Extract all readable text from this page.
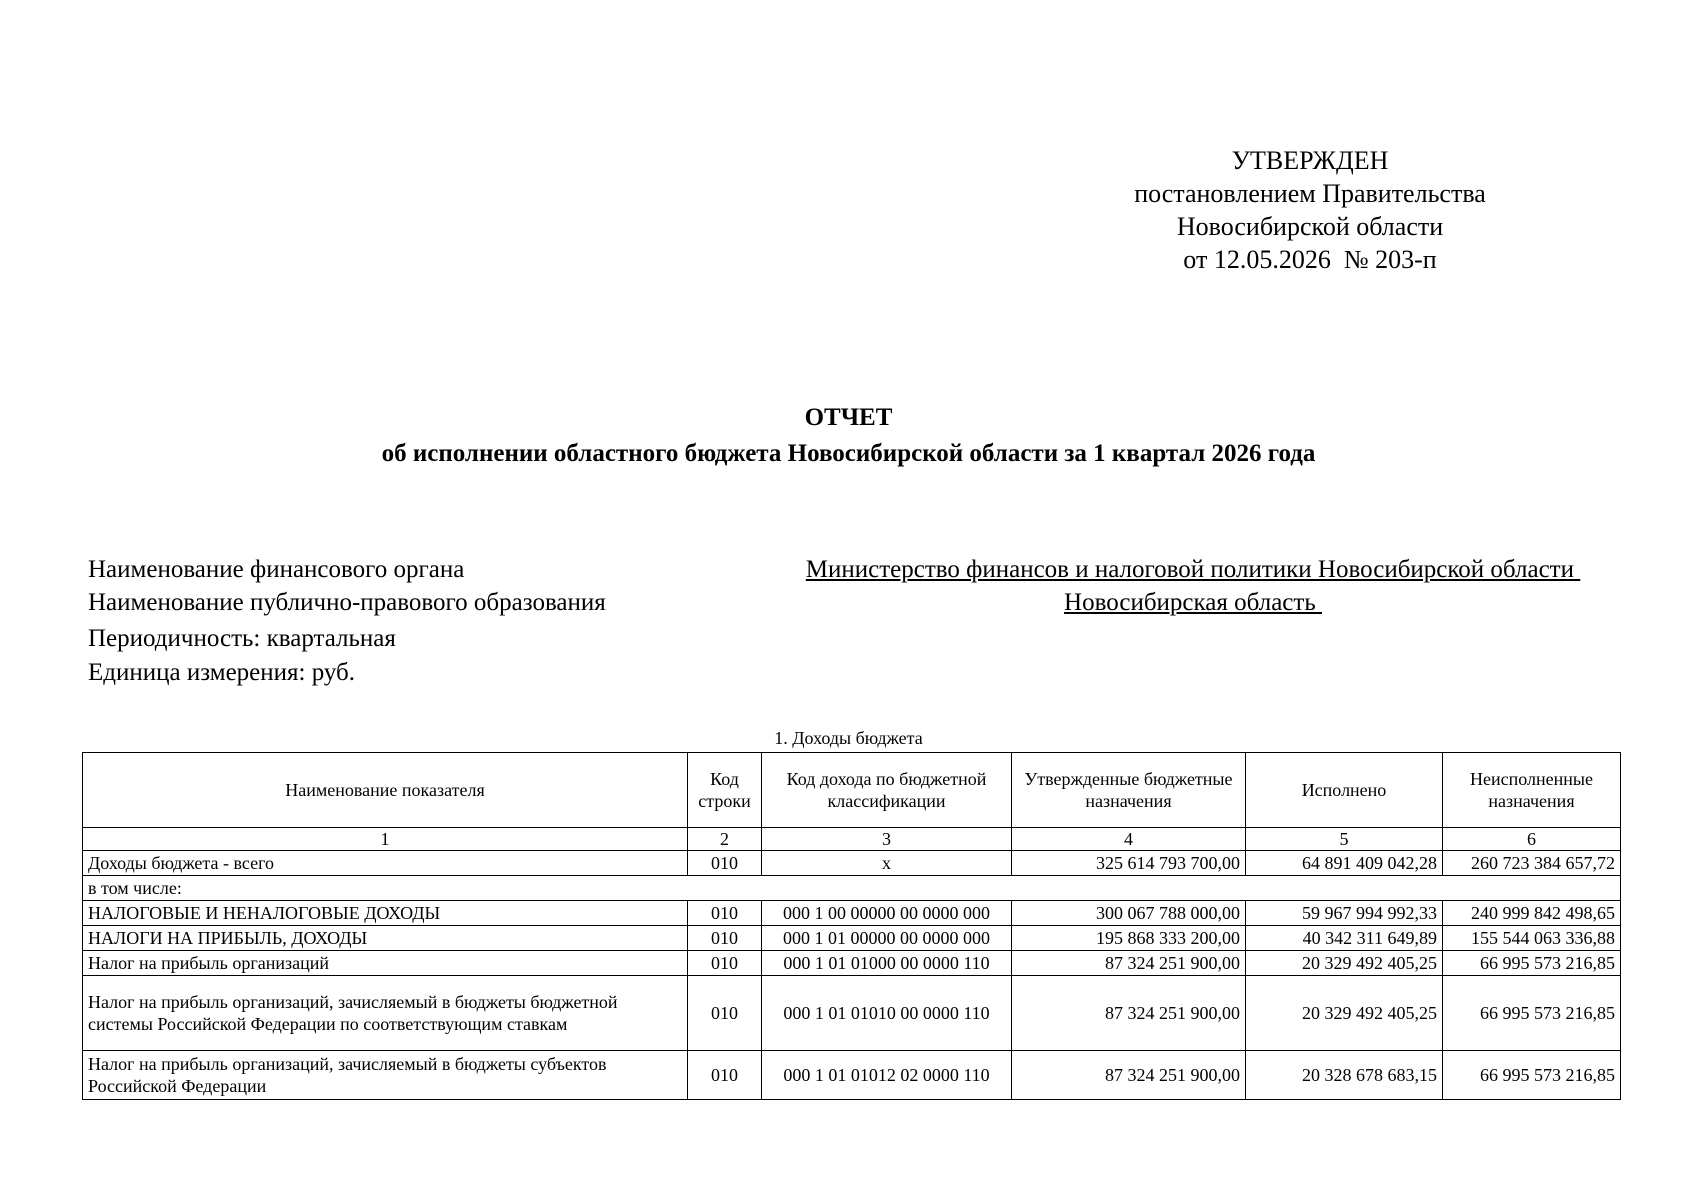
УТВЕРЖДЕН
постановлением Правительства
Новосибирской области
от 12.05.2026  № 203-п
ОТЧЕТ
об исполнении областного бюджета Новосибирской области за 1 квартал 2026 года
Наименование финансового органа	Министерство финансов и налоговой политики Новосибирской области
Наименование публично-правового образования	Новосибирская область
Периодичность: квартальная
Единица измерения: руб.
1. Доходы бюджета
Наименование показателя	Код строки	Код дохода по бюджетной классификации	Утвержденные бюджетные назначения	Исполнено	Неисполненные назначения
1	2	3	4	5	6
Доходы бюджета - всего	010	x	325 614 793 700,00	64 891 409 042,28	260 723 384 657,72
в том числе:					
НАЛОГОВЫЕ И НЕНАЛОГОВЫЕ ДОХОДЫ	010	000 1 00 00000 00 0000 000	300 067 788 000,00	59 967 994 992,33	240 999 842 498,65
НАЛОГИ НА ПРИБЫЛЬ, ДОХОДЫ	010	000 1 01 00000 00 0000 000	195 868 333 200,00	40 342 311 649,89	155 544 063 336,88
Налог на прибыль организаций	010	000 1 01 01000 00 0000 110	87 324 251 900,00	20 329 492 405,25	66 995 573 216,85
Налог на прибыль организаций, зачисляемый в бюджеты бюджетной системы Российской Федерации по соответствующим ставкам	010	000 1 01 01010 00 0000 110	87 324 251 900,00	20 329 492 405,25	66 995 573 216,85
Налог на прибыль организаций, зачисляемый в бюджеты субъектов Российской Федерации	010	000 1 01 01012 02 0000 110	87 324 251 900,00	20 328 678 683,15	66 995 573 216,85
